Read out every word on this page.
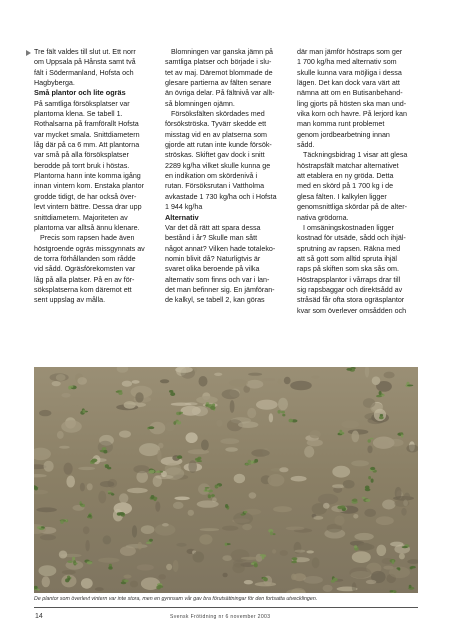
Tre fält valdes till slut ut. Ett norr

om Uppsala på Hånsta samt två

fält i Södermanland, Hofsta och

Hagbyberga.

Små plantor och lite ogräs

På samtliga försöksplatser var

plantorna klena. Se tabell 1.

Rothalsarna på framförallt Hofsta

var mycket smala. Snittdiametern

låg där på ca 6 mm. Att plantorna

var små på alla försöksplatser

berodde på torrt bruk i höstas.

Plantorna hann inte komma igång

innan vintern kom. Enstaka plantor

grodde tidigt, de har också över-

levt vintern bättre. Dessa drar upp

snittdiametern. Majoriteten av

plantorna var alltså ännu klenare.

Precis som rapsen hade även

höstgroende ogräs missgynnats av

de torra förhållanden som rådde

vid sådd. Ogräsförekomsten var

låg på alla platser. På en av för-

söksplatserna kom däremot ett

sent uppslag av målla.

Blomningen var ganska jämn på

samtliga platser och började i slu-

tet av maj. Däremot blommade de

glesare partierna av fälten senare

än övriga delar. På fältnivå var allt-

så blomningen ojämn.

Försöksfälten skördades med

försökströska. Tyvärr skedde ett

misstag vid en av platserna som

gjorde att rutan inte kunde försök-

ströskas. Skiftet gav dock i snitt

2289 kg/ha vilket skulle kunna ge

en indikation om skördenivå i

rutan. Försöksrutan i Vattholma

avkastade 1 730 kg/ha och i Hofsta

1 944 kg/ha

Alternativ

Var det då rätt att spara dessa

bestånd i år? Skulle man sått

något annat? Vilken hade totalekо-

nomin blivit då? Naturligtvis är

svaret olika beroende på vilka

alternativ som finns och var i lan-

det man befinner sig. En jämföran-

de kalkyl, se tabell 2, kan göras

där man jämför höstraps som ger

1 700 kg/ha med alternativ som

skulle kunna vara möjliga i dessa

lägen. Det kan dock vara värt att

nämna att om en Butisanbehand-

ling gjorts på hösten ska man und-

vika korn och havre. På lerjord kan

man komma runt problemet

genom jordbearbetning innan

sådd.

Täckningsbidrag 1 visar att glesa

höstrapsfält matchar alternativet

att etablera en ny gröda. Detta

med en skörd på 1 700 kg i de

glesa fälten. I kalkylen ligger

genomsnittliga skördar på de alter-

nativa grödorna.

I omsäningskostnaden ligger

kostnad för utsäde, sådd och ihjäl-

sprutning av rapsen. Räkna med

att så gott som alltid spruta ihjäl

raps på skiften som ska sås om.

Höstrapsplantor i vårraps drar till

sig rapsbaggar och direktsådd av

stråsäd får ofta stora ogräsplantor

kvar som överlever omsådden och

De plantor som överlevt vintern var inte stora, men en gynnsam vår gav bra förutsättningar för den fortsatta utvecklingen.
14	Svensk Frötidning nr 6 november 2003
